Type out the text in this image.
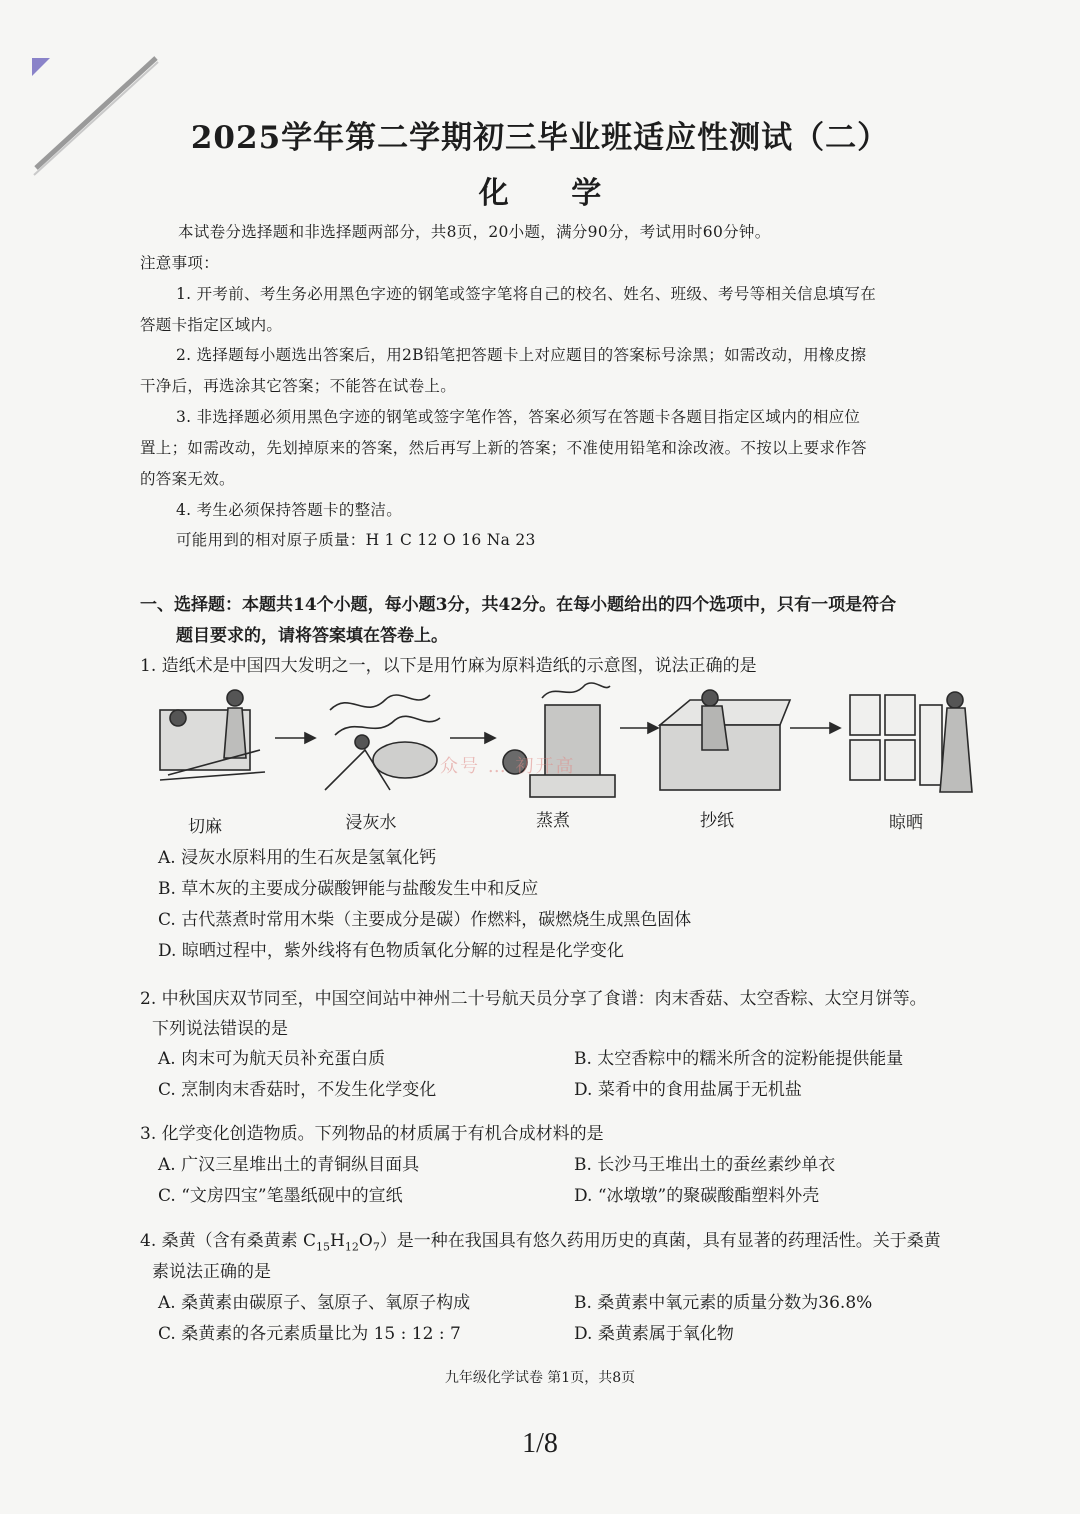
2025学年第二学期初三毕业班适应性测试（二）
化 学
本试卷分选择题和非选择题两部分，共8页，20小题，满分90分，考试用时60分钟。
注意事项：
1. 开考前、考生务必用黑色字迹的钢笔或签字笔将自己的校名、姓名、班级、考号等相关信息填写在
答题卡指定区域内。
2. 选择题每小题选出答案后，用2B铅笔把答题卡上对应题目的答案标号涂黑；如需改动，用橡皮擦
干净后，再选涂其它答案；不能答在试卷上。
3. 非选择题必须用黑色字迹的钢笔或签字笔作答，答案必须写在答题卡各题目指定区域内的相应位
置上；如需改动，先划掉原来的答案，然后再写上新的答案；不准使用铅笔和涂改液。不按以上要求作答
的答案无效。
4. 考生必须保持答题卡的整洁。
可能用到的相对原子质量：H 1 C 12 O 16 Na 23
一、选择题：本题共14个小题，每小题3分，共42分。在每小题给出的四个选项中，只有一项是符合
题目要求的，请将答案填在答卷上。
1. 造纸术是中国四大发明之一，以下是用竹麻为原料造纸的示意图，说法正确的是
切麻	浸灰水	蒸煮	抄纸	晾晒
众号 … 初开高
A. 浸灰水原料用的生石灰是氢氧化钙
B. 草木灰的主要成分碳酸钾能与盐酸发生中和反应
C. 古代蒸煮时常用木柴（主要成分是碳）作燃料，碳燃烧生成黑色固体
D. 晾晒过程中，紫外线将有色物质氧化分解的过程是化学变化
2. 中秋国庆双节同至，中国空间站中神州二十号航天员分享了食谱：肉末香菇、太空香粽、太空月饼等。
下列说法错误的是
A. 肉末可为航天员补充蛋白质	B. 太空香粽中的糯米所含的淀粉能提供能量
C. 烹制肉末香菇时，不发生化学变化	D. 菜肴中的食用盐属于无机盐
3. 化学变化创造物质。下列物品的材质属于有机合成材料的是
A. 广汉三星堆出土的青铜纵目面具	B. 长沙马王堆出土的蚕丝素纱单衣
C. “文房四宝”笔墨纸砚中的宣纸	D. “冰墩墩”的聚碳酸酯塑料外壳
4. 桑黄（含有桑黄素 $C_{15}H_{12}O_7$）是一种在我国具有悠久药用历史的真菌，具有显著的药理活性。关于桑黄
素说法正确的是
A. 桑黄素由碳原子、氢原子、氧原子构成	B. 桑黄素中氧元素的质量分数为36.8%
C. 桑黄素的各元素质量比为 15 : 12 : 7	D. 桑黄素属于氧化物
九年级化学试卷 第1页，共8页
1/8
